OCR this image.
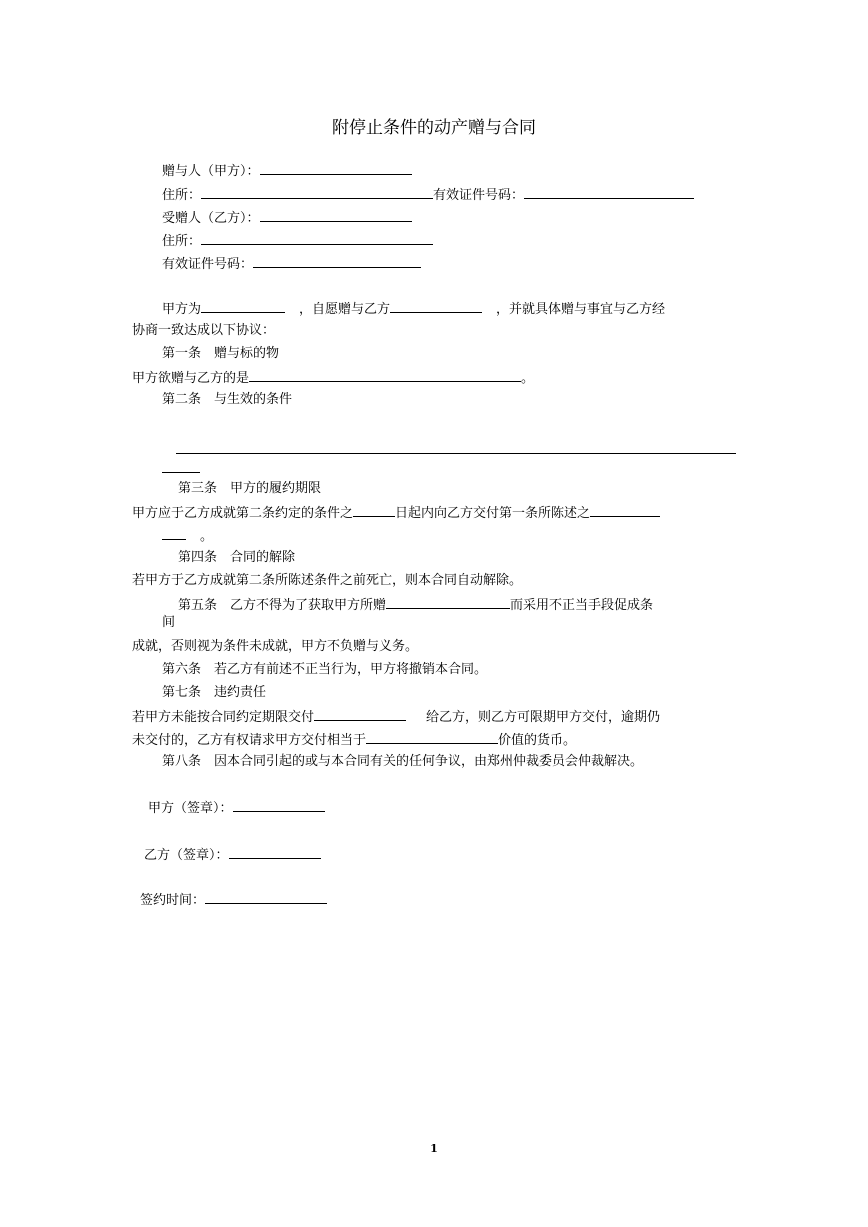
附停止条件的动产赠与合同
赠与人（甲方）：
住所：	有效证件号码：
受赠人（乙方）：
住所：
有效证件号码：
甲方为	，自愿赠与乙方	，并就具体赠与事宜与乙方经
协商一致达成以下协议：
第一条　赠与标的物
甲方欲赠与乙方的是	。
第二条　与生效的条件
第三条　甲方的履约期限
甲方应于乙方成就第二条约定的条件之	日起内向乙方交付第一条所陈述之
。
第四条　合同的解除
若甲方于乙方成就第二条所陈述条件之前死亡，则本合同自动解除。
第五条　乙方不得为了获取甲方所赠	而采用不正当手段促成条
间
成就，否则视为条件未成就，甲方不负赠与义务。
第六条　若乙方有前述不正当行为，甲方将撤销本合同。
第七条　违约责任
若甲方未能按合同约定期限交付	给乙方，则乙方可限期甲方交付，逾期仍
未交付的，乙方有权请求甲方交付相当于	价值的货币。
第八条　因本合同引起的或与本合同有关的任何争议，由郑州仲裁委员会仲裁解决。
甲方（签章）：
乙方（签章）：
签约时间：
1
